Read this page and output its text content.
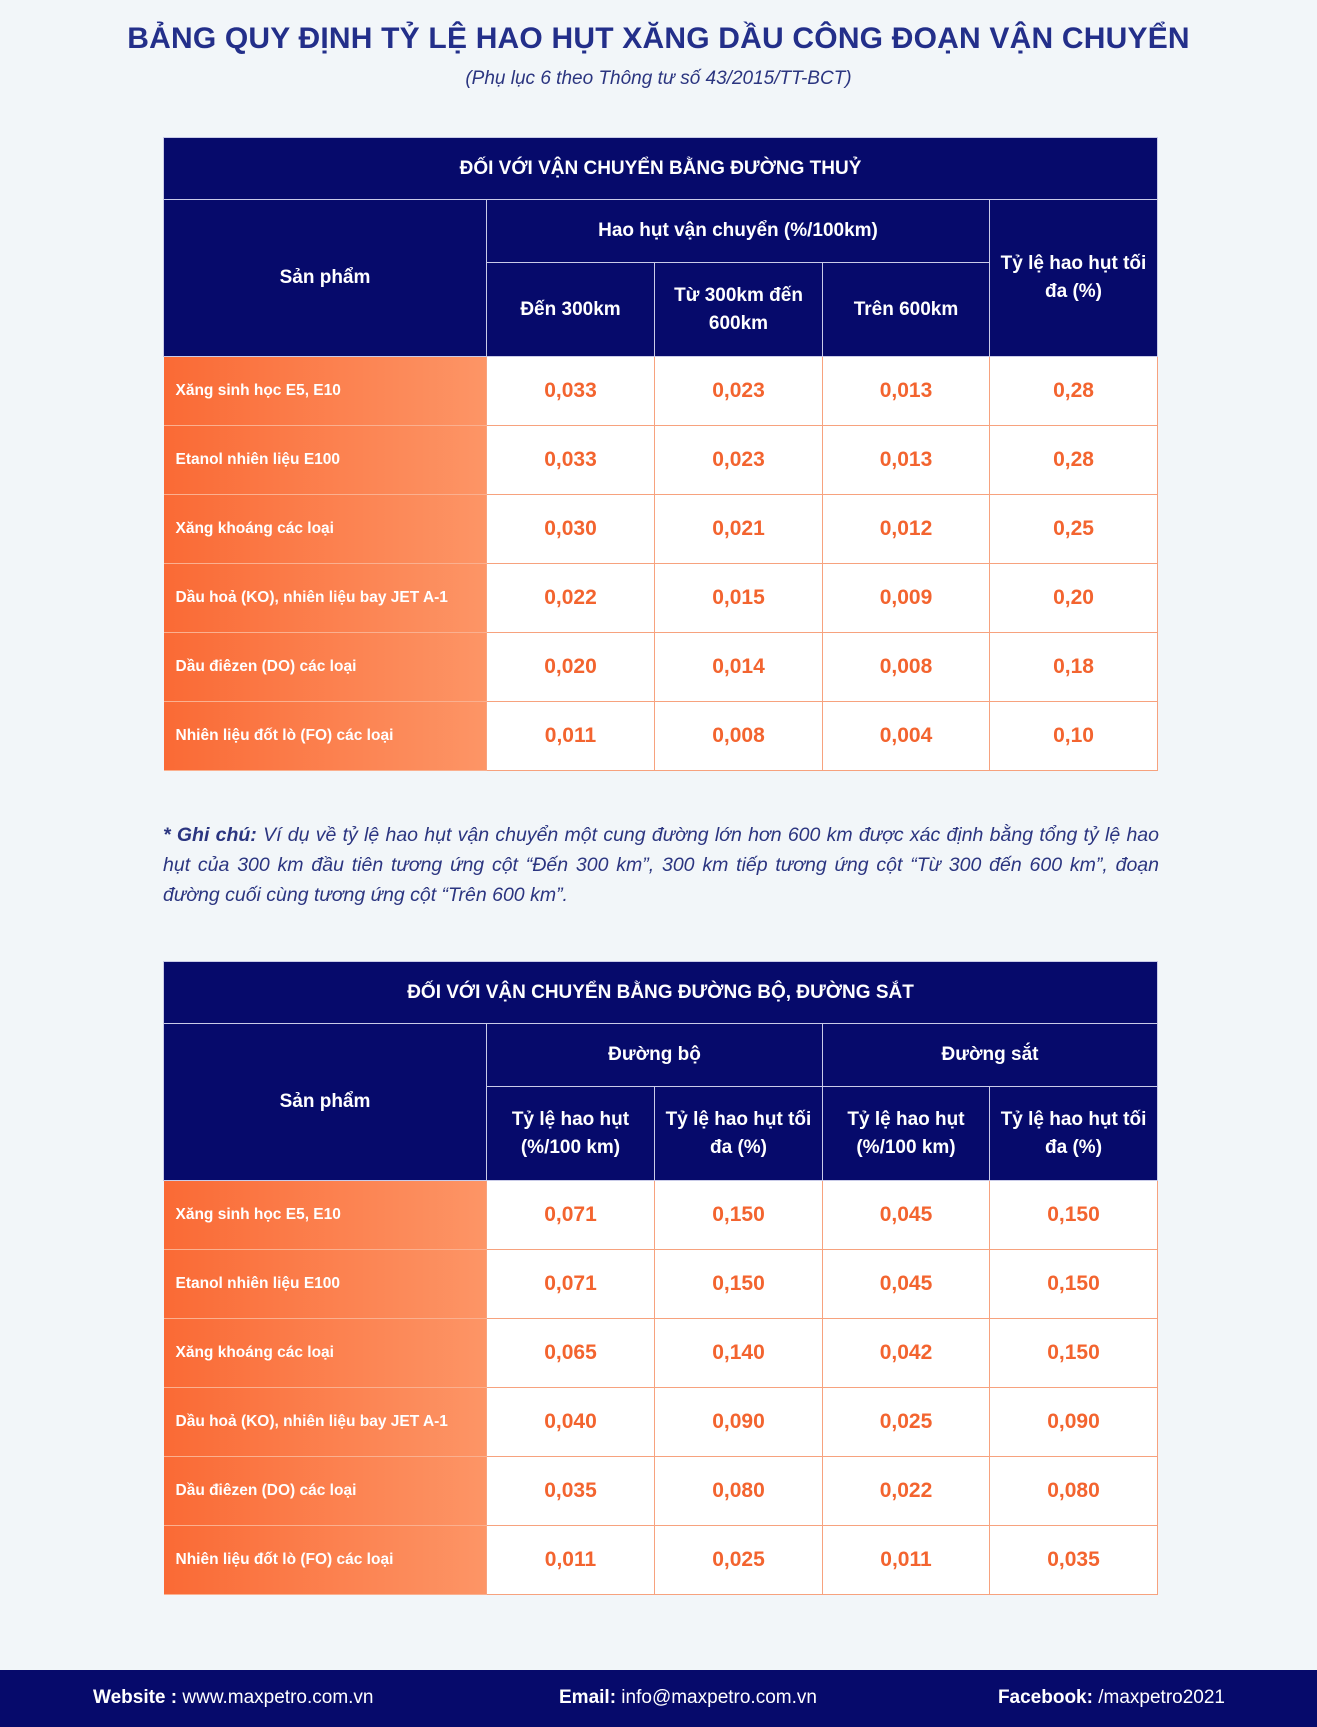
BẢNG QUY ĐỊNH TỶ LỆ HAO HỤT XĂNG DẦU CÔNG ĐOẠN VẬN CHUYỂN
(Phụ lục 6 theo Thông tư số 43/2015/TT-BCT)
ĐỐI VỚI VẬN CHUYỂN BẰNG ĐƯỜNG THUỶ				
Sản phẩm	Hao hụt vận chuyển (%/100km)			Tỷ lệ hao hụt tối đa (%)
	Đến 300km	Từ 300km đến 600km	Trên 600km	
Xăng sinh học E5, E10	0,033	0,023	0,013	0,28
Etanol nhiên liệu E100	0,033	0,023	0,013	0,28
Xăng khoáng các loại	0,030	0,021	0,012	0,25
Dầu hoả (KO), nhiên liệu bay JET A-1	0,022	0,015	0,009	0,20
Dầu điêzen (DO) các loại	0,020	0,014	0,008	0,18
Nhiên liệu đốt lò (FO) các loại	0,011	0,008	0,004	0,10
* Ghi chú: Ví dụ về tỷ lệ hao hụt vận chuyển một cung đường lớn hơn 600 km được xác định bằng tổng tỷ lệ hao hụt của 300 km đầu tiên tương ứng cột “Đến 300 km”, 300 km tiếp tương ứng cột “Từ 300 đến 600 km”, đoạn đường cuối cùng tương ứng cột “Trên 600 km”.
ĐỐI VỚI VẬN CHUYỂN BẰNG ĐƯỜNG BỘ, ĐƯỜNG SẮT				
Sản phẩm	Đường bộ		Đường sắt	
	Tỷ lệ hao hụt (%/100 km)	Tỷ lệ hao hụt tối đa (%)	Tỷ lệ hao hụt (%/100 km)	Tỷ lệ hao hụt tối đa (%)
Xăng sinh học E5, E10	0,071	0,150	0,045	0,150
Etanol nhiên liệu E100	0,071	0,150	0,045	0,150
Xăng khoáng các loại	0,065	0,140	0,042	0,150
Dầu hoả (KO), nhiên liệu bay JET A-1	0,040	0,090	0,025	0,090
Dầu điêzen (DO) các loại	0,035	0,080	0,022	0,080
Nhiên liệu đốt lò (FO) các loại	0,011	0,025	0,011	0,035
Website : www.maxpetro.com.vn	Email: info@maxpetro.com.vn	Facebook: /maxpetro2021
